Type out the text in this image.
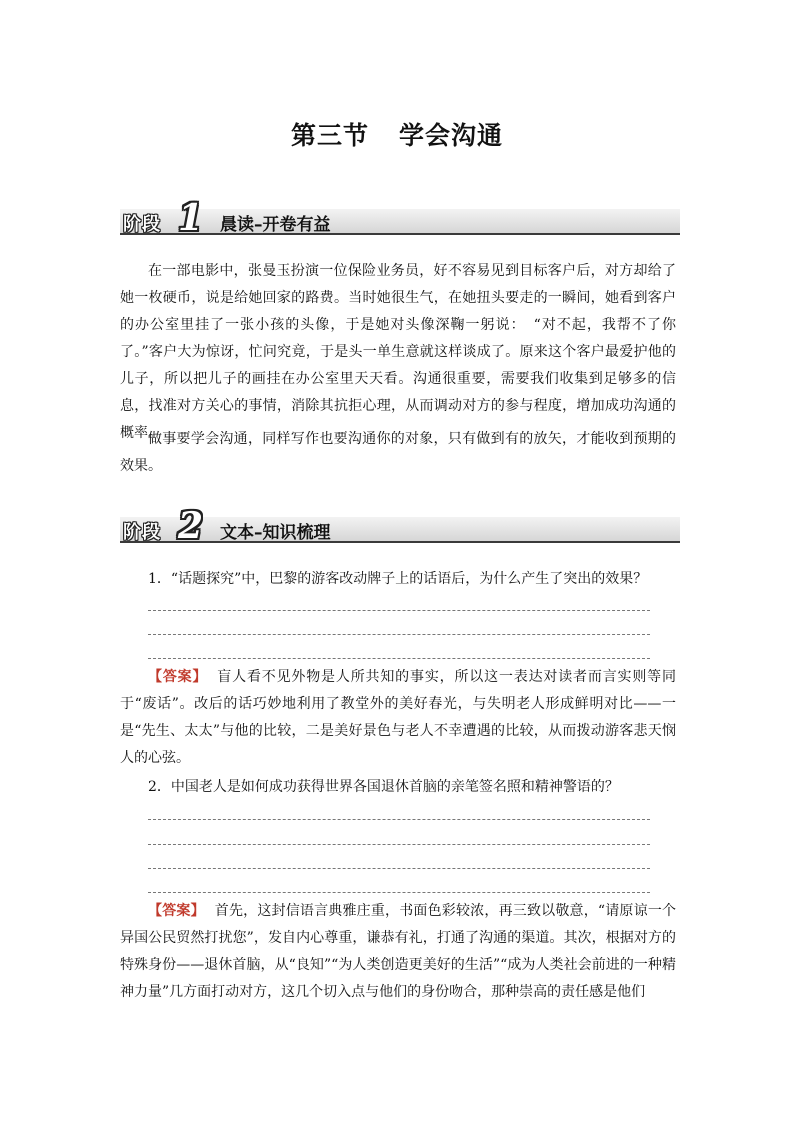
第三节 学会沟通
阶段 1 晨读–开卷有益
在一部电影中，张曼玉扮演一位保险业务员，好不容易见到目标客户后，对方却给了她一枚硬币，说是给她回家的路费。当时她很生气，在她扭头要走的一瞬间，她看到客户的办公室里挂了一张小孩的头像，于是她对头像深鞠一躬说：　“对不起，我帮不了你了。”客户大为惊讶，忙问究竟，于是头一单生意就这样谈成了。原来这个客户最爱护他的儿子，所以把儿子的画挂在办公室里天天看。沟通很重要，需要我们收集到足够多的信息，找准对方关心的事情，消除其抗拒心理，从而调动对方的参与程度，增加成功沟通的概率。
做事要学会沟通，同样写作也要沟通你的对象，只有做到有的放矢，才能收到预期的效果。
阶段 2 文本–知识梳理
1．“话题探究”中，巴黎的游客改动牌子上的话语后，为什么产生了突出的效果？
【答案】 盲人看不见外物是人所共知的事实，所以这一表达对读者而言实则等同于“废话”。改后的话巧妙地利用了教堂外的美好春光，与失明老人形成鲜明对比——一是“先生、太太”与他的比较，二是美好景色与老人不幸遭遇的比较，从而拨动游客悲天悯人的心弦。
2．中国老人是如何成功获得世界各国退休首脑的亲笔签名照和精神警语的？
【答案】 首先，这封信语言典雅庄重，书面色彩较浓，再三致以敬意，“请原谅一个异国公民贸然打扰您”，发自内心尊重，谦恭有礼，打通了沟通的渠道。其次，根据对方的特殊身份——退休首脑，从“良知”“为人类创造更美好的生活”“成为人类社会前进的一种精神力量”几方面打动对方，这几个切入点与他们的身份吻合，那种崇高的责任感是他们
